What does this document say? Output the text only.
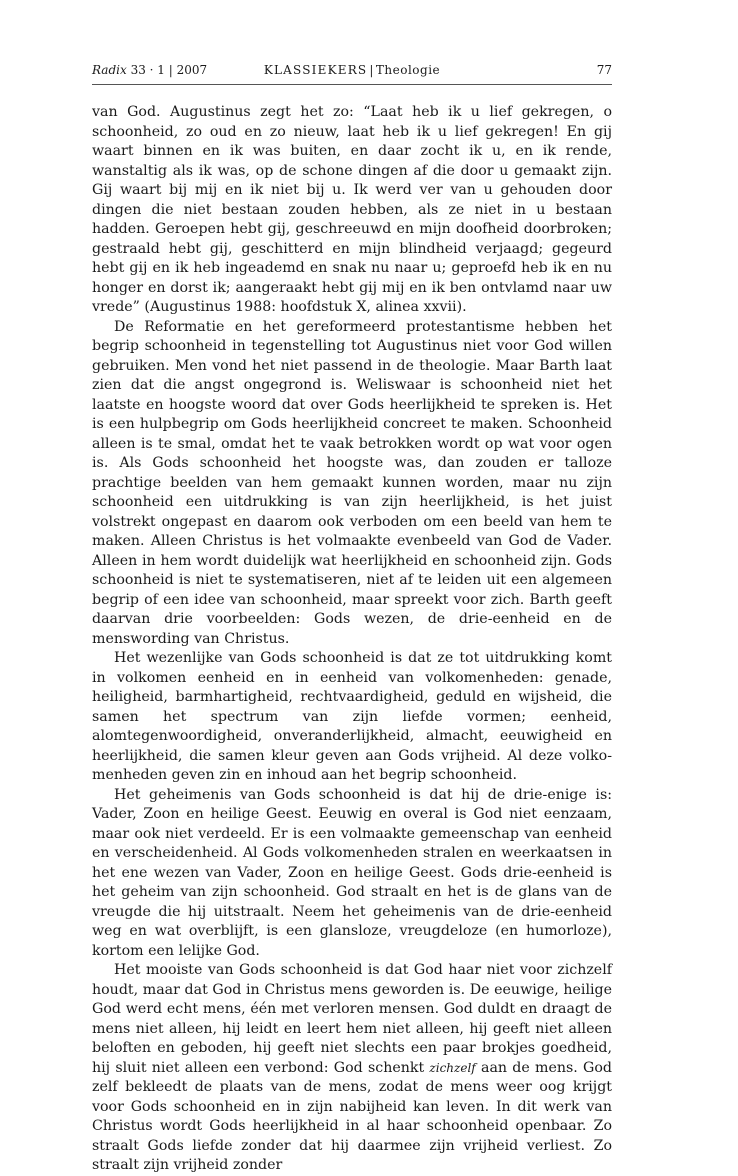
Radix 33 · 1 | 2007	KLASSIEKERS | Theologie	77

van God. Augustinus zegt het zo: “Laat heb ik u lief gekregen, o schoonheid, zo oud en zo nieuw, laat heb ik u lief gekregen! En gij waart binnen en ik was buiten, en daar zocht ik u, en ik rende, wanstaltig als ik was, op de schone dingen af die door u gemaakt zijn. Gij waart bij mij en ik niet bij u. Ik werd ver van u gehouden door dingen die niet bestaan zouden hebben, als ze niet in u bestaan hadden. Geroepen hebt gij, geschreeuwd en mijn doofheid doorbroken; gestraald hebt gij, geschitterd en mijn blindheid verjaagd; gegeurd hebt gij en ik heb ingeademd en snak nu naar u; geproefd heb ik en nu honger en dorst ik; aangeraakt hebt gij mij en ik ben ontvlamd naar uw vrede” (Augustinus 1988: hoofdstuk X, alinea xxvii).

De Reformatie en het gereformeerd protestantisme hebben het begrip schoonheid in tegenstelling tot Augustinus niet voor God willen gebruiken. Men vond het niet passend in de theologie. Maar Barth laat zien dat die angst ongegrond is. Weliswaar is schoonheid niet het laatste en hoogste woord dat over Gods heerlijkheid te spreken is. Het is een hulpbegrip om Gods heerlijkheid concreet te maken. Schoonheid alleen is te smal, omdat het te vaak betrokken wordt op wat voor ogen is. Als Gods schoonheid het hoogste was, dan zouden er talloze prachtige beelden van hem gemaakt kunnen worden, maar nu zijn schoonheid een uitdrukking is van zijn heerlijkheid, is het juist volstrekt ongepast en daarom ook verboden om een beeld van hem te maken. Alleen Christus is het volmaakte evenbeeld van God de Vader. Alleen in hem wordt duidelijk wat heerlijkheid en schoonheid zijn. Gods schoonheid is niet te systematiseren, niet af te leiden uit een algemeen begrip of een idee van schoonheid, maar spreekt voor zich. Barth geeft daarvan drie voorbeelden: Gods wezen, de drie-eenheid en de menswording van Christus.

Het wezenlijke van Gods schoonheid is dat ze tot uitdrukking komt in volkomen eenheid en in eenheid van volkomenheden: genade, heiligheid, barmhartigheid, rechtvaardigheid, geduld en wijsheid, die samen het spectrum van zijn liefde vormen; eenheid, alomtegenwoordigheid, onveranderlijkheid, almacht, eeuwigheid en heerlijkheid, die samen kleur geven aan Gods vrijheid. Al deze volkomenheden geven zin en inhoud aan het begrip schoonheid.

Het geheimenis van Gods schoonheid is dat hij de drie-enige is: Vader, Zoon en heilige Geest. Eeuwig en overal is God niet eenzaam, maar ook niet verdeeld. Er is een volmaakte gemeenschap van eenheid en verscheidenheid. Al Gods volkomenheden stralen en weerkaatsen in het ene wezen van Vader, Zoon en heilige Geest. Gods drie-eenheid is het geheim van zijn schoonheid. God straalt en het is de glans van de vreugde die hij uitstraalt. Neem het geheimenis van de drie-eenheid weg en wat overblijft, is een glansloze, vreugdeloze (en humorloze), kortom een lelijke God.

Het mooiste van Gods schoonheid is dat God haar niet voor zichzelf houdt, maar dat God in Christus mens geworden is. De eeuwige, heilige God werd echt mens, één met verloren mensen. God duldt en draagt de mens niet alleen, hij leidt en leert hem niet alleen, hij geeft niet alleen beloften en geboden, hij geeft niet slechts een paar brokjes goedheid, hij sluit niet alleen een verbond: God schenkt zichzelf aan de mens. God zelf bekleedt de plaats van de mens, zodat de mens weer oog krijgt voor Gods schoonheid en in zijn nabijheid kan leven. In dit werk van Christus wordt Gods heerlijkheid in al haar schoonheid openbaar. Zo straalt Gods liefde zonder dat hij daarmee zijn vrijheid verliest. Zo straalt zijn vrijheid zonder
